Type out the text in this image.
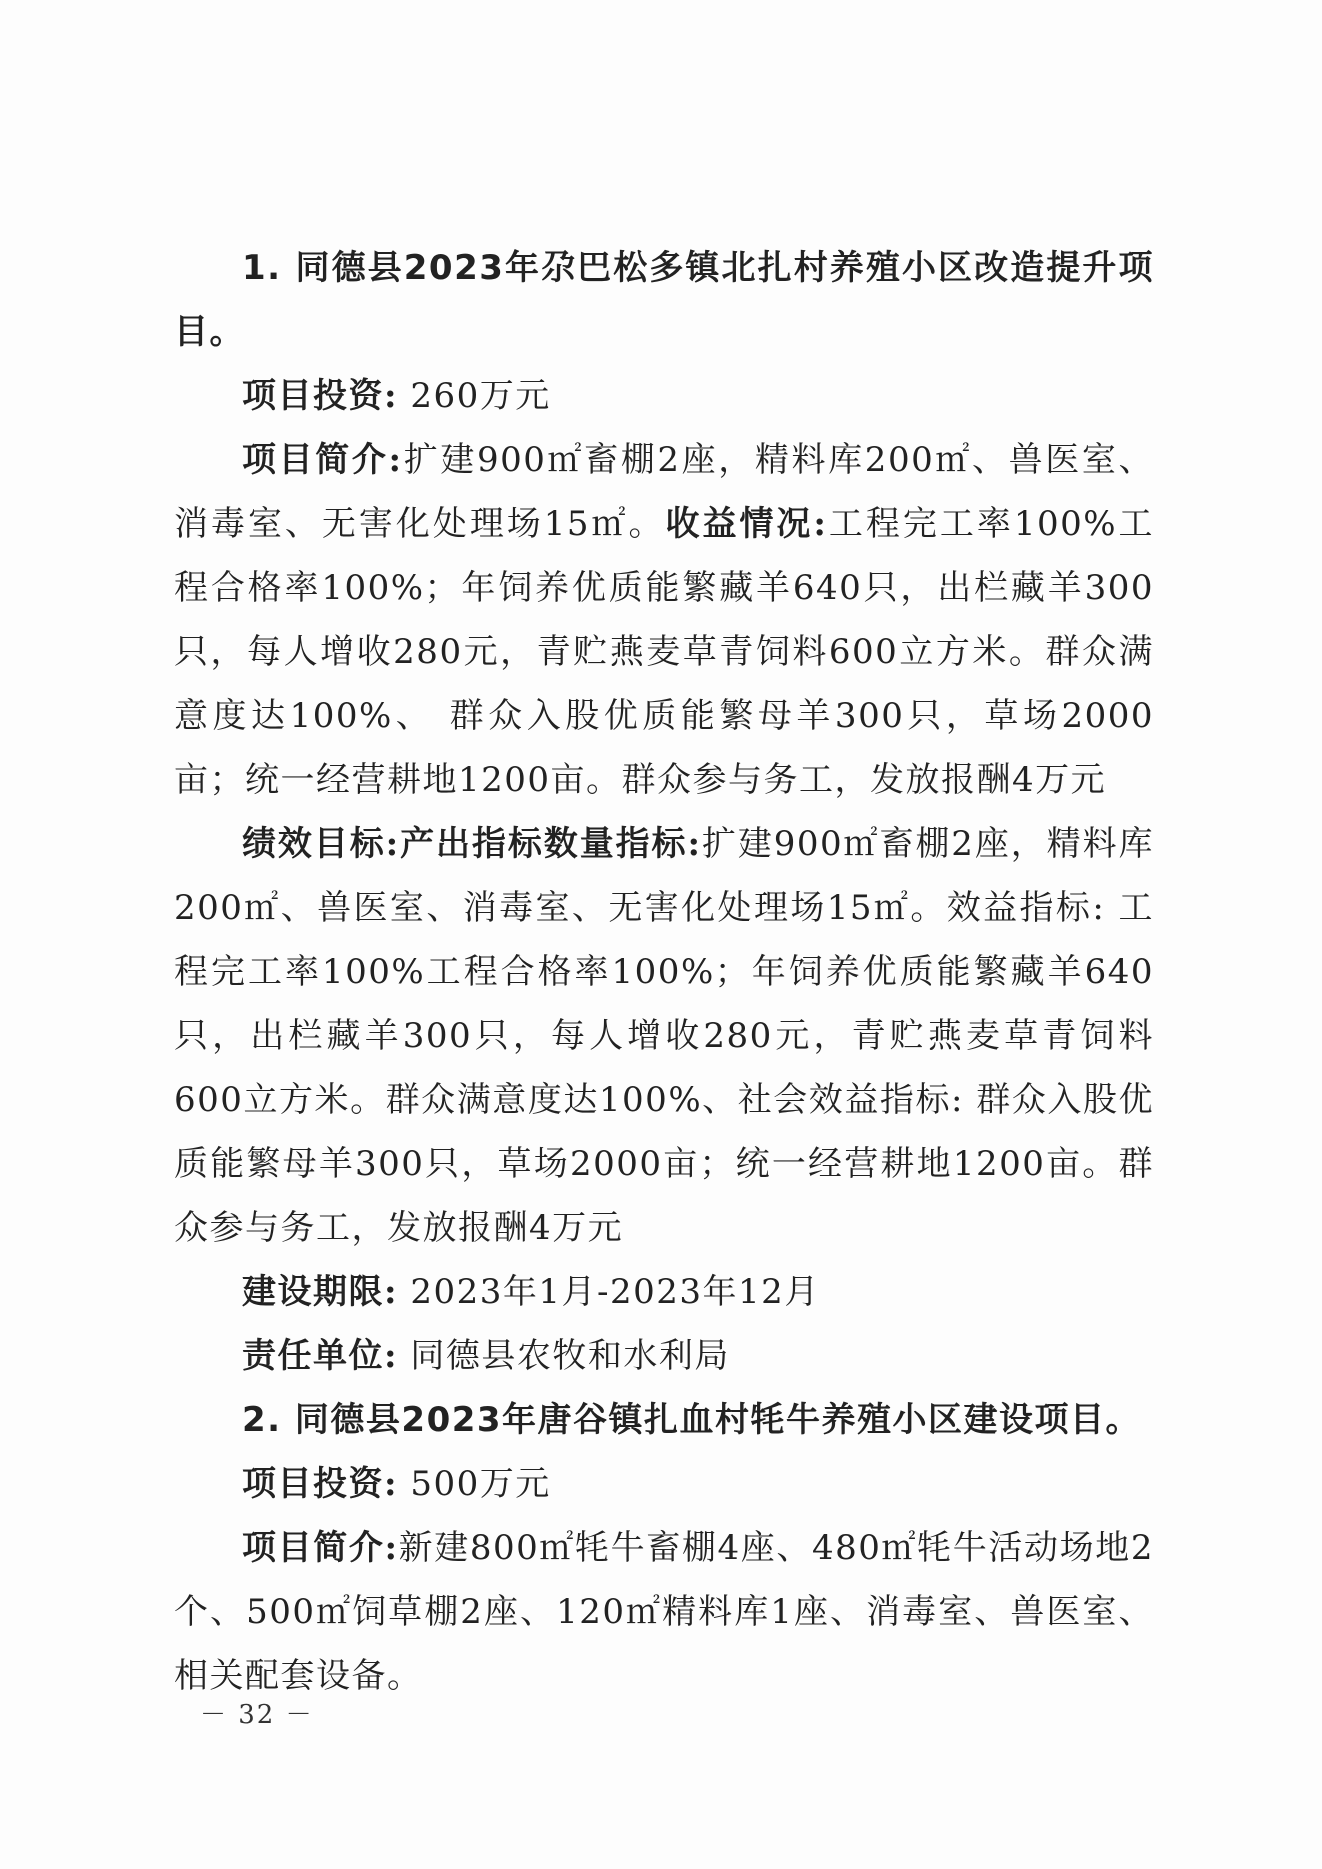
1. 同德县2023年尕巴松多镇北扎村养殖小区改造提升项目。

项目投资: 260万元

项目简介:扩建900㎡畜棚2座，精料库200㎡、兽医室、消毒室、无害化处理场15㎡。收益情况:工程完工率100%工程合格率100%；年饲养优质能繁藏羊640只，出栏藏羊300只，每人增收280元，青贮燕麦草青饲料600立方米。群众满意度达100%、 群众入股优质能繁母羊300只，草场2000亩；统一经营耕地1200亩。群众参与务工，发放报酬4万元

绩效目标:产出指标数量指标:扩建900㎡畜棚2座，精料库200㎡、兽医室、消毒室、无害化处理场15㎡。效益指标: 工程完工率100%工程合格率100%；年饲养优质能繁藏羊640只，出栏藏羊300只，每人增收280元，青贮燕麦草青饲料600立方米。群众满意度达100%、社会效益指标: 群众入股优质能繁母羊300只，草场2000亩；统一经营耕地1200亩。群众参与务工，发放报酬4万元

建设期限: 2023年1月-2023年12月

责任单位: 同德县农牧和水利局

2. 同德县2023年唐谷镇扎血村牦牛养殖小区建设项目。

项目投资: 500万元

项目简介:新建800㎡牦牛畜棚4座、480㎡牦牛活动场地2个、500㎡饲草棚2座、120㎡精料库1座、消毒室、兽医室、相关配套设备。

－ 32 －
